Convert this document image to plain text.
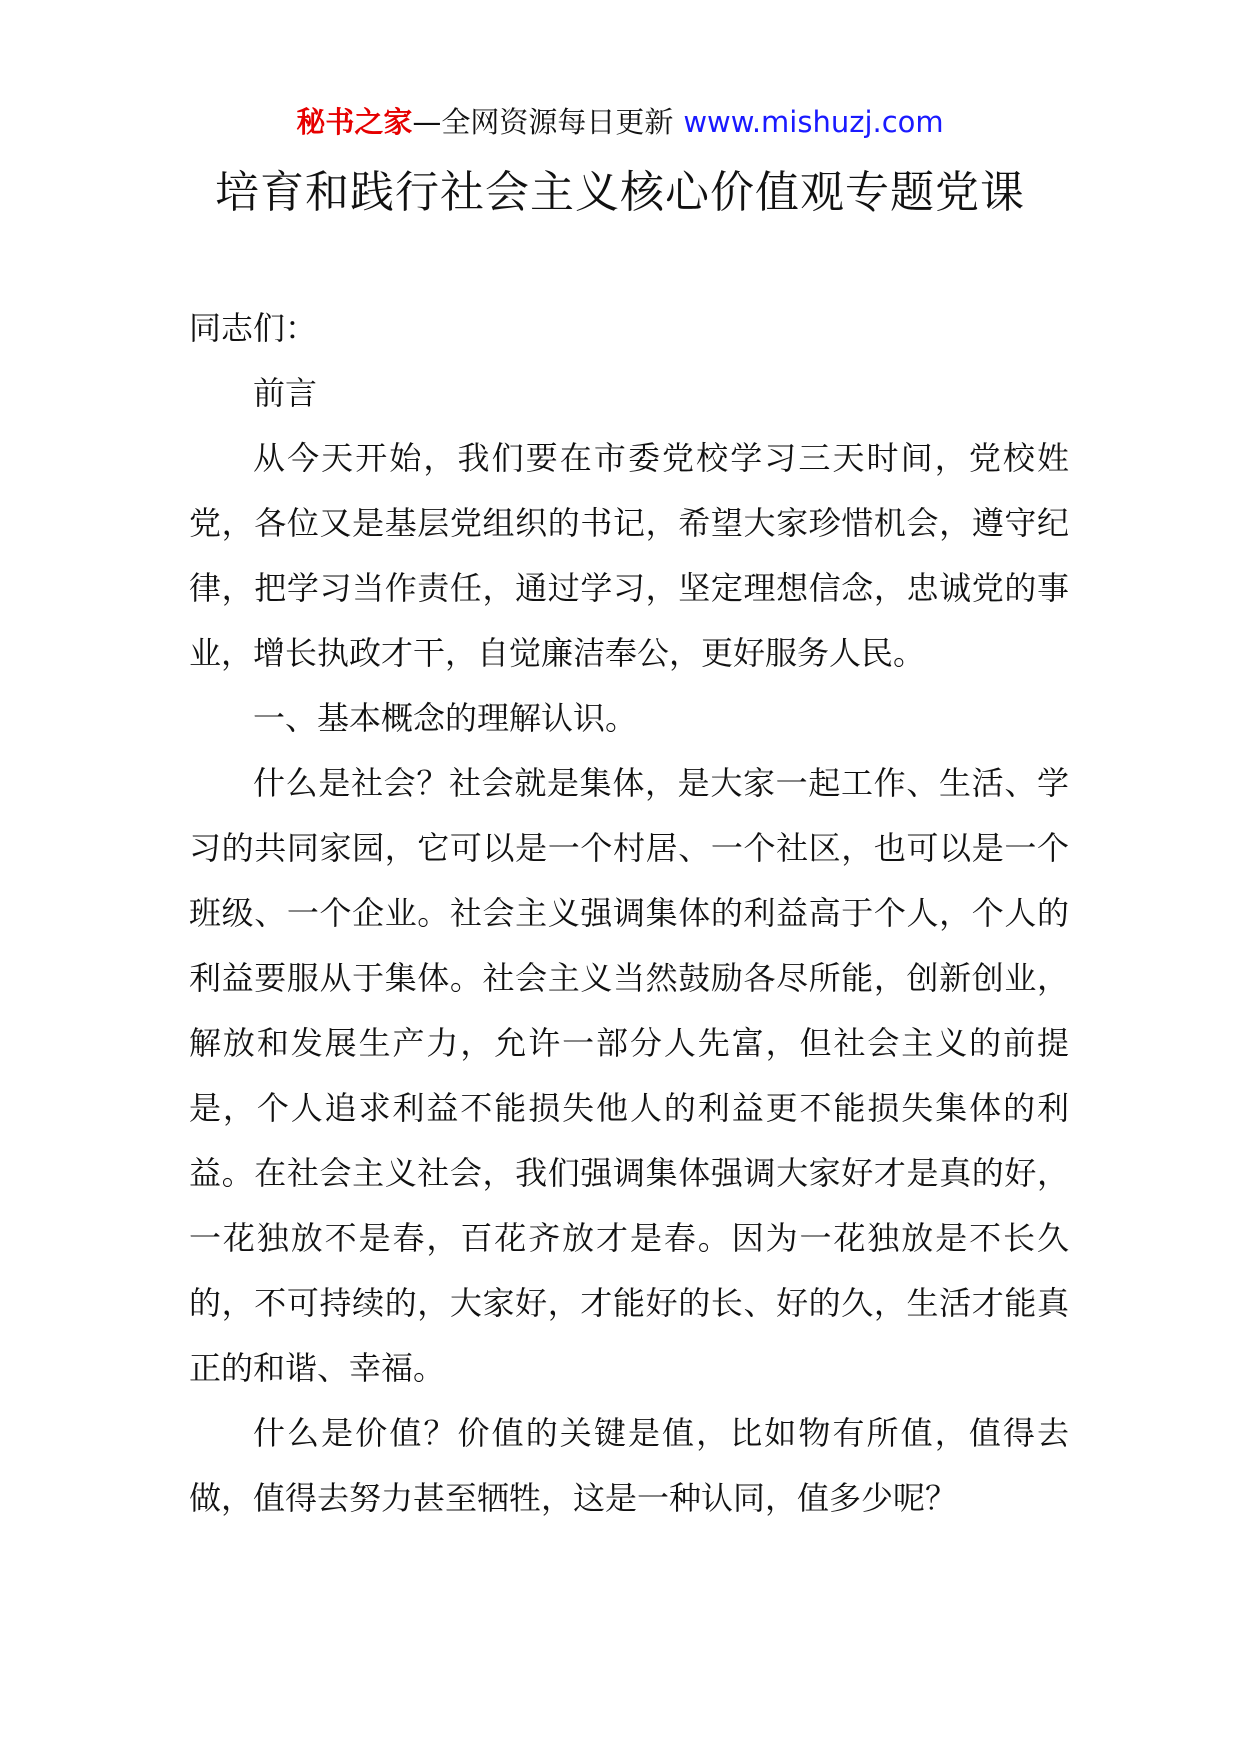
秘书之家—全网资源每日更新 www.mishuzj.com
培育和践行社会主义核心价值观专题党课

同志们：

前言

从今天开始，我们要在市委党校学习三天时间，党校姓党，各位又是基层党组织的书记，希望大家珍惜机会，遵守纪律，把学习当作责任，通过学习，坚定理想信念，忠诚党的事业，增长执政才干，自觉廉洁奉公，更好服务人民。

一、基本概念的理解认识。

什么是社会？社会就是集体，是大家一起工作、生活、学习的共同家园，它可以是一个村居、一个社区，也可以是一个班级、一个企业。社会主义强调集体的利益高于个人，个人的利益要服从于集体。社会主义当然鼓励各尽所能，创新创业，解放和发展生产力，允许一部分人先富，但社会主义的前提是，个人追求利益不能损失他人的利益更不能损失集体的利益。在社会主义社会，我们强调集体强调大家好才是真的好，一花独放不是春，百花齐放才是春。因为一花独放是不长久的，不可持续的，大家好，才能好的长、好的久，生活才能真正的和谐、幸福。

什么是价值？价值的关键是值，比如物有所值，值得去做，值得去努力甚至牺牲，这是一种认同，值多少呢？
